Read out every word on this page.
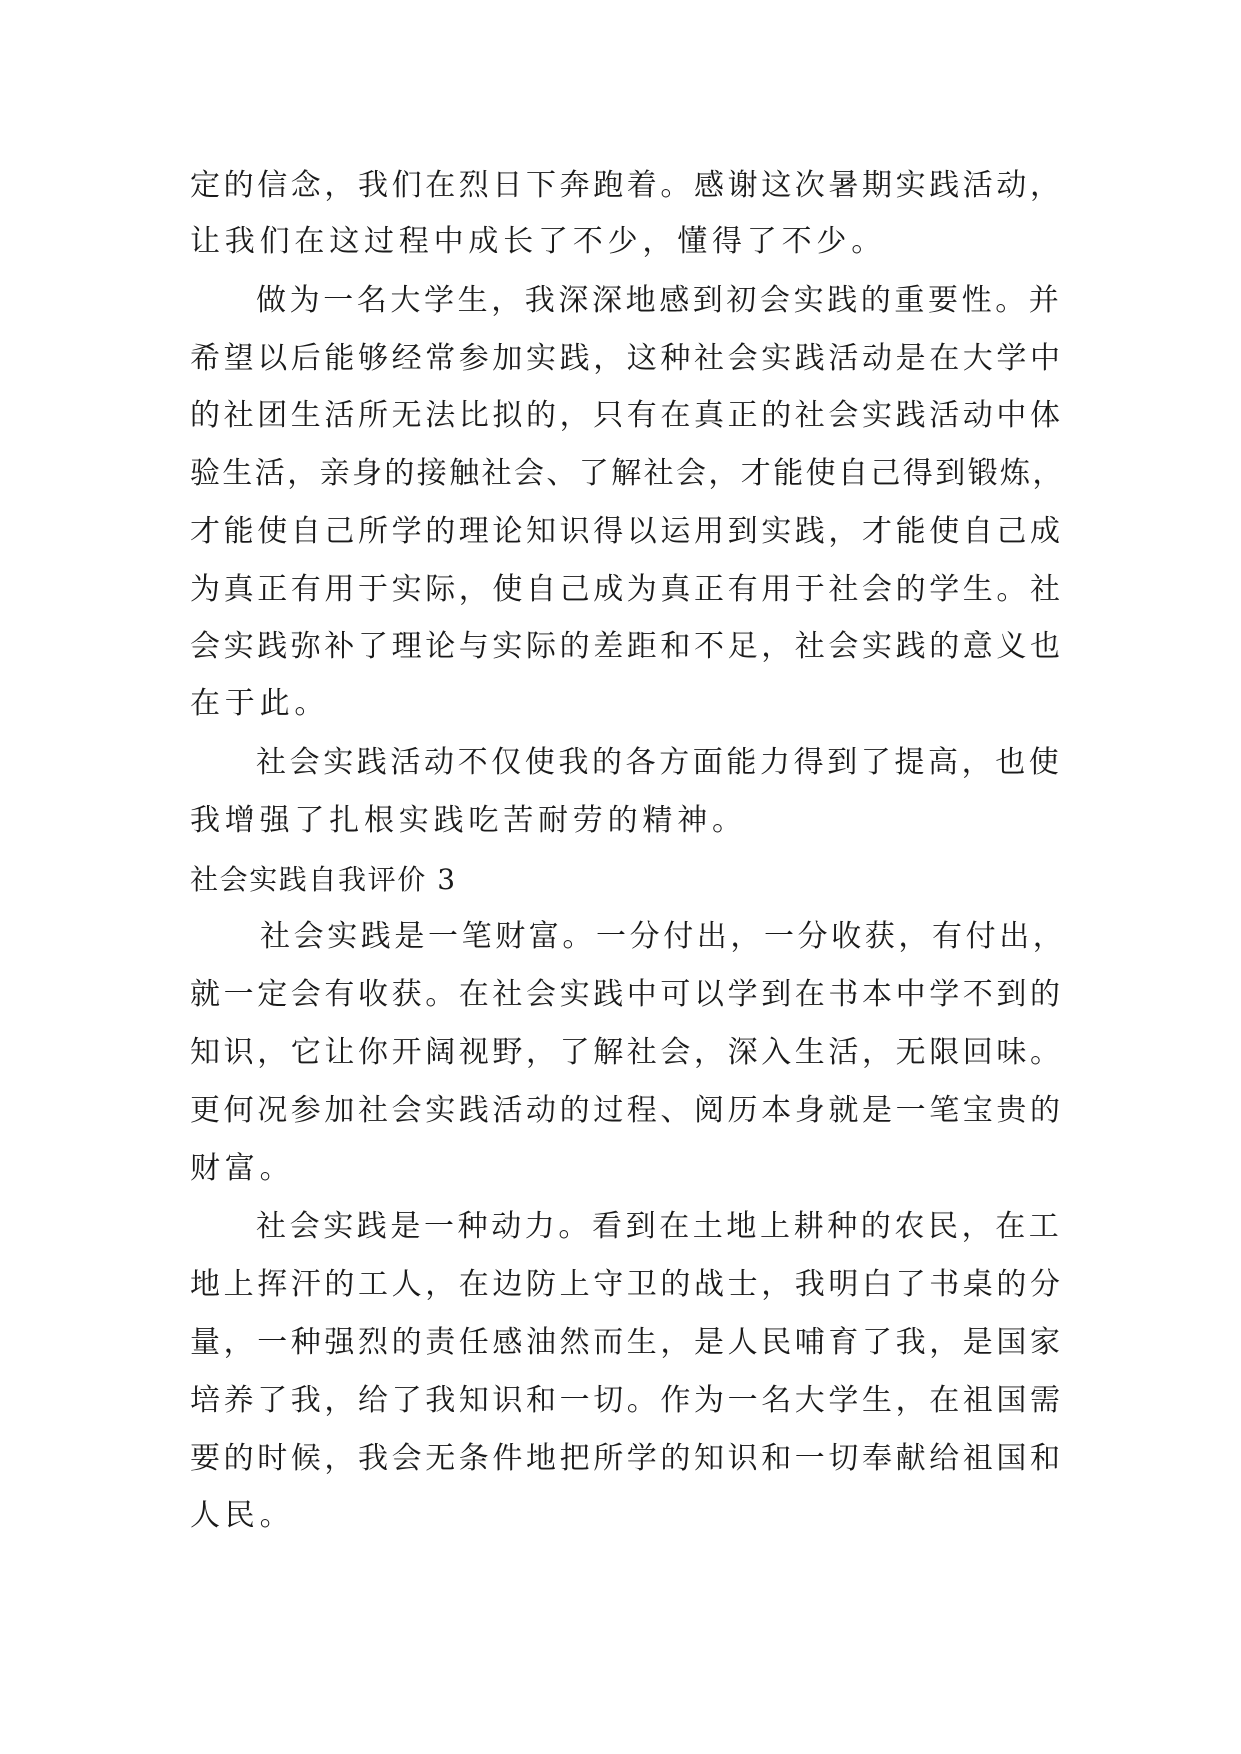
定的信念，我们在烈日下奔跑着。感谢这次暑期实践活动，
让我们在这过程中成长了不少，懂得了不少。
做为一名大学生，我深深地感到初会实践的重要性。并
希望以后能够经常参加实践，这种社会实践活动是在大学中
的社团生活所无法比拟的，只有在真正的社会实践活动中体
验生活，亲身的接触社会、了解社会，才能使自己得到锻炼，
才能使自己所学的理论知识得以运用到实践，才能使自己成
为真正有用于实际，使自己成为真正有用于社会的学生。社
会实践弥补了理论与实际的差距和不足，社会实践的意义也
在于此。
社会实践活动不仅使我的各方面能力得到了提高，也使
我增强了扎根实践吃苦耐劳的精神。
社会实践自我评价 3
社会实践是一笔财富。一分付出，一分收获，有付出，
就一定会有收获。在社会实践中可以学到在书本中学不到的
知识，它让你开阔视野，了解社会，深入生活，无限回味。
更何况参加社会实践活动的过程、阅历本身就是一笔宝贵的
财富。
社会实践是一种动力。看到在土地上耕种的农民，在工
地上挥汗的工人，在边防上守卫的战士，我明白了书桌的分
量，一种强烈的责任感油然而生，是人民哺育了我，是国家
培养了我，给了我知识和一切。作为一名大学生，在祖国需
要的时候，我会无条件地把所学的知识和一切奉献给祖国和
人民。
